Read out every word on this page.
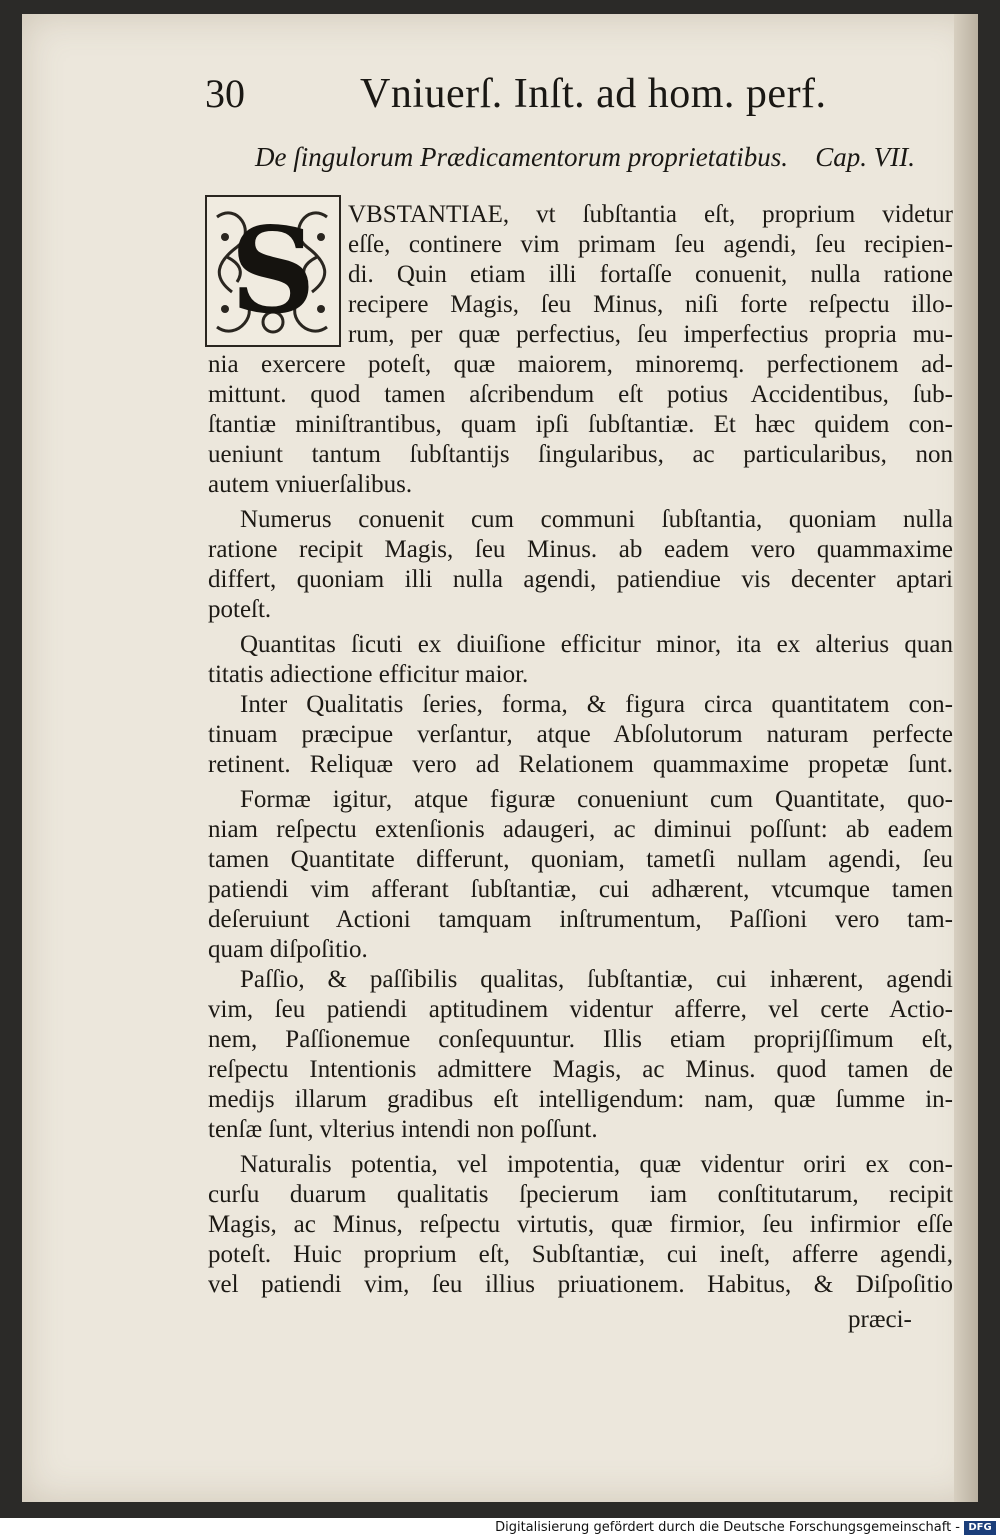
30	Vniuerſ. Inſt. ad hom. perf.
De ſingulorum Prædicamentorum proprietatibus. Cap. VII.
S VBSTANTIAE, vt ſubſtantia eſt, proprium videtur
eſſe, continere vim primam ſeu agendi, ſeu recipien-
di. Quin etiam illi fortaſſe conuenit, nulla ratione
recipere Magis, ſeu Minus, niſi forte reſpectu illo-
rum, per quæ perfectius, ſeu imperfectius propria mu-
nia exercere poteſt, quæ maiorem, minoremq. perfectionem ad-
mittunt. quod tamen aſcribendum eſt potius Accidentibus, ſub-
ſtantiæ miniſtrantibus, quam ipſi ſubſtantiæ. Et hæc quidem con-
ueniunt tantum ſubſtantijs ſingularibus, ac particularibus, non
autem vniuerſalibus.
Numerus conuenit cum communi ſubſtantia, quoniam nulla
ratione recipit Magis, ſeu Minus. ab eadem vero quammaxime
differt, quoniam illi nulla agendi, patiendiue vis decenter aptari
poteſt.
Quantitas ſicuti ex diuiſione efficitur minor, ita ex alterius quan
titatis adiectione efficitur maior.
Inter Qualitatis ſeries, forma, & figura circa quantitatem con-
tinuam præcipue verſantur, atque Abſolutorum naturam perfecte
retinent. Reliquæ vero ad Relationem quammaxime propetæ ſunt.
Formæ igitur, atque figuræ conueniunt cum Quantitate, quo-
niam reſpectu extenſionis adaugeri, ac diminui poſſunt: ab eadem
tamen Quantitate differunt, quoniam, tametſi nullam agendi, ſeu
patiendi vim afferant ſubſtantiæ, cui adhærent, vtcumque tamen
deſeruiunt Actioni tamquam inſtrumentum, Paſſioni vero tam-
quam diſpoſitio.
Paſſio, & paſſibilis qualitas, ſubſtantiæ, cui inhærent, agendi
vim, ſeu patiendi aptitudinem videntur afferre, vel certe Actio-
nem, Paſſionemue conſequuntur. Illis etiam proprijſſimum eſt,
reſpectu Intentionis admittere Magis, ac Minus. quod tamen de
medijs illarum gradibus eſt intelligendum: nam, quæ ſumme in-
tenſæ ſunt, vlterius intendi non poſſunt.
Naturalis potentia, vel impotentia, quæ videntur oriri ex con-
curſu duarum qualitatis ſpecierum iam conſtitutarum, recipit
Magis, ac Minus, reſpectu virtutis, quæ firmior, ſeu infirmior eſſe
poteſt. Huic proprium eſt, Subſtantiæ, cui ineſt, afferre agendi,
vel patiendi vim, ſeu illius priuationem. Habitus, & Diſpoſitio
præci-
Digitalisierung gefördert durch die Deutsche Forschungsgemeinschaft - DFG
